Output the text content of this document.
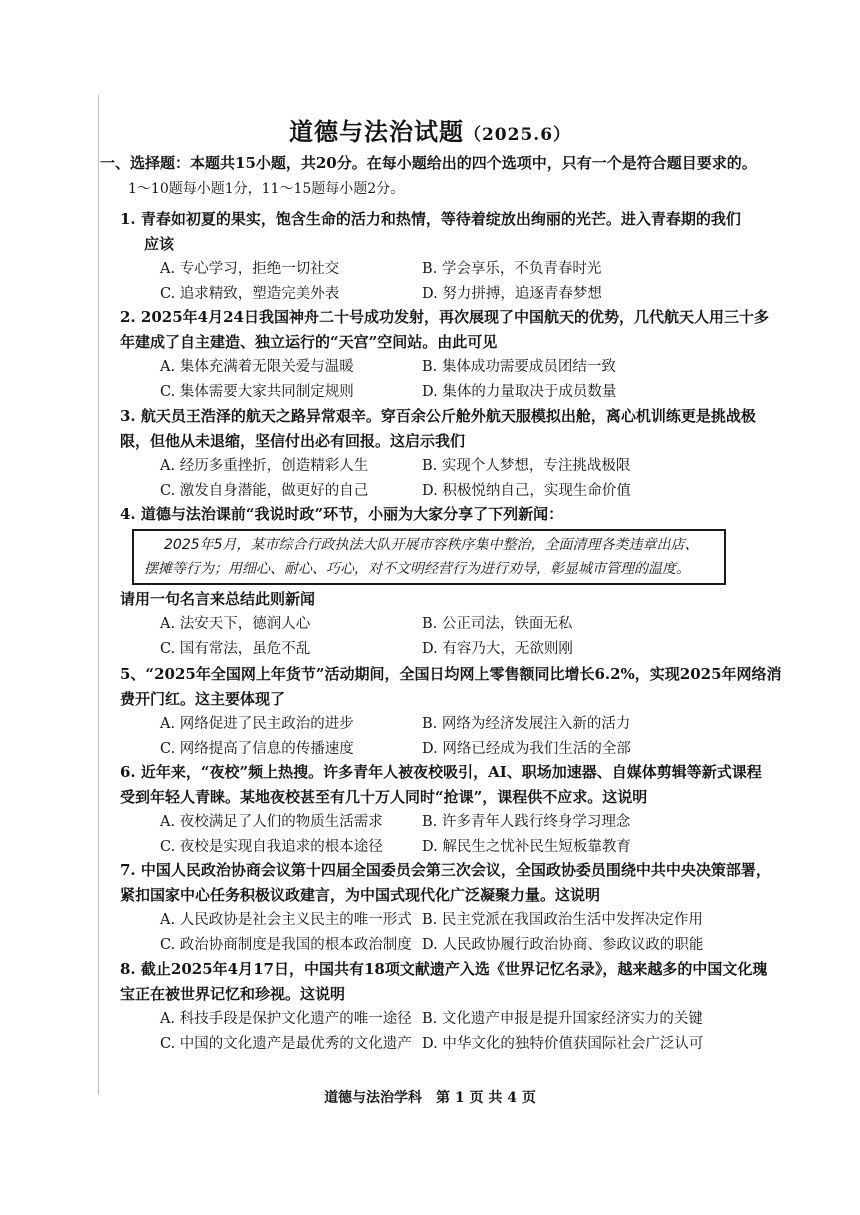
道德与法治试题（2025.6）
一、选择题：本题共15小题，共20分。在每小题给出的四个选项中，只有一个是符合题目要求的。
1～10题每小题1分，11～15题每小题2分。
1. 青春如初夏的果实，饱含生命的活力和热情，等待着绽放出绚丽的光芒。进入青春期的我们
应该
A. 专心学习，拒绝一切社交	B. 学会享乐，不负青春时光
C. 追求精致，塑造完美外表	D. 努力拼搏，追逐青春梦想
2. 2025年4月24日我国神舟二十号成功发射，再次展现了中国航天的优势，几代航天人用三十多
年建成了自主建造、独立运行的“天宫”空间站。由此可见
A. 集体充满着无限关爱与温暖	B. 集体成功需要成员团结一致
C. 集体需要大家共同制定规则	D. 集体的力量取决于成员数量
3. 航天员王浩泽的航天之路异常艰辛。穿百余公斤舱外航天服模拟出舱，离心机训练更是挑战极
限，但他从未退缩，坚信付出必有回报。这启示我们
A. 经历多重挫折，创造精彩人生	B. 实现个人梦想，专注挑战极限
C. 激发自身潜能，做更好的自己	D. 积极悦纳自己，实现生命价值
4. 道德与法治课前“我说时政”环节，小丽为大家分享了下列新闻：
2025年5月，某市综合行政执法大队开展市容秩序集中整治，全面清理各类违章出店、
摆摊等行为；用细心、耐心、巧心，对不文明经营行为进行劝导，彰显城市管理的温度。
请用一句名言来总结此则新闻
A. 法安天下，德润人心	B. 公正司法，铁面无私
C. 国有常法，虽危不乱	D. 有容乃大，无欲则刚
5、“2025年全国网上年货节”活动期间，全国日均网上零售额同比增长6.2%，实现2025年网络消
费开门红。这主要体现了
A. 网络促进了民主政治的进步	B. 网络为经济发展注入新的活力
C. 网络提高了信息的传播速度	D. 网络已经成为我们生活的全部
6. 近年来，“夜校”频上热搜。许多青年人被夜校吸引，AI、职场加速器、自媒体剪辑等新式课程
受到年轻人青睐。某地夜校甚至有几十万人同时“抢课”，课程供不应求。这说明
A. 夜校满足了人们的物质生活需求	B. 许多青年人践行终身学习理念
C. 夜校是实现自我追求的根本途径	D. 解民生之忧补民生短板靠教育
7. 中国人民政治协商会议第十四届全国委员会第三次会议，全国政协委员围绕中共中央决策部署，
紧扣国家中心任务积极议政建言，为中国式现代化广泛凝聚力量。这说明
A. 人民政协是社会主义民主的唯一形式 B. 民主党派在我国政治生活中发挥决定作用
C. 政治协商制度是我国的根本政治制度 D. 人民政协履行政治协商、参政议政的职能
8. 截止2025年4月17日，中国共有18项文献遗产入选《世界记忆名录》，越来越多的中国文化瑰
宝正在被世界记忆和珍视。这说明
A. 科技手段是保护文化遗产的唯一途径 B. 文化遗产申报是提升国家经济实力的关键
C. 中国的文化遗产是最优秀的文化遗产 D. 中华文化的独特价值获国际社会广泛认可
道德与法治学科　第 1 页 共 4 页
